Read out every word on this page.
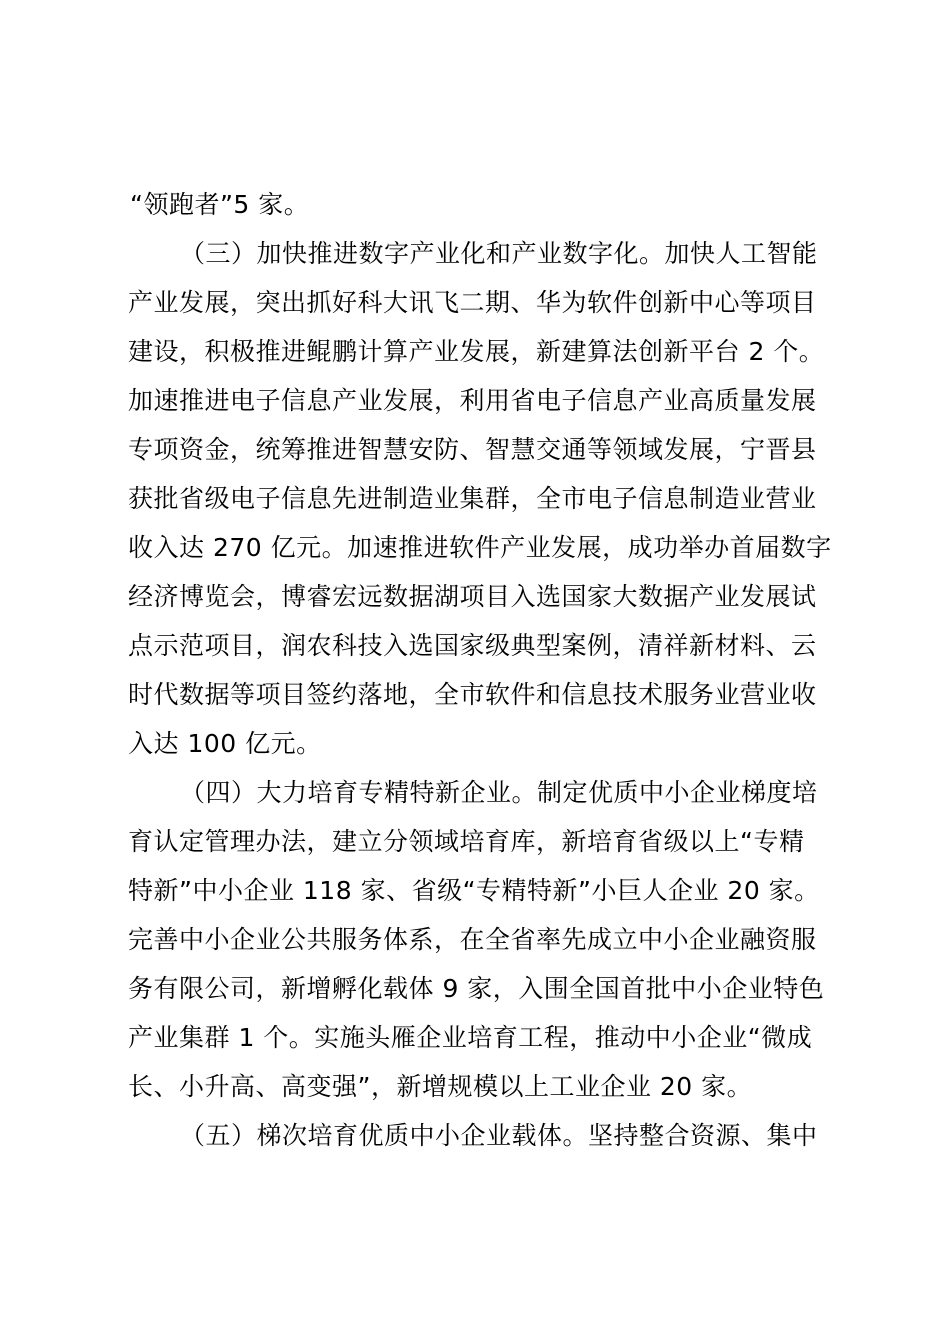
“领跑者”5 家。
（三）加快推进数字产业化和产业数字化。加快人工智能
产业发展，突出抓好科大讯飞二期、华为软件创新中心等项目
建设，积极推进鲲鹏计算产业发展，新建算法创新平台 2 个。
加速推进电子信息产业发展，利用省电子信息产业高质量发展
专项资金，统筹推进智慧安防、智慧交通等领域发展，宁晋县
获批省级电子信息先进制造业集群，全市电子信息制造业营业
收入达 270 亿元。加速推进软件产业发展，成功举办首届数字
经济博览会，博睿宏远数据湖项目入选国家大数据产业发展试
点示范项目，润农科技入选国家级典型案例，清祥新材料、云
时代数据等项目签约落地，全市软件和信息技术服务业营业收
入达 100 亿元。
（四）大力培育专精特新企业。制定优质中小企业梯度培
育认定管理办法，建立分领域培育库，新培育省级以上“专精
特新”中小企业 118 家、省级“专精特新”小巨人企业 20 家。
完善中小企业公共服务体系，在全省率先成立中小企业融资服
务有限公司，新增孵化载体 9 家，入围全国首批中小企业特色
产业集群 1 个。实施头雁企业培育工程，推动中小企业“微成
长、小升高、高变强”，新增规模以上工业企业 20 家。
（五）梯次培育优质中小企业载体。坚持整合资源、集中
